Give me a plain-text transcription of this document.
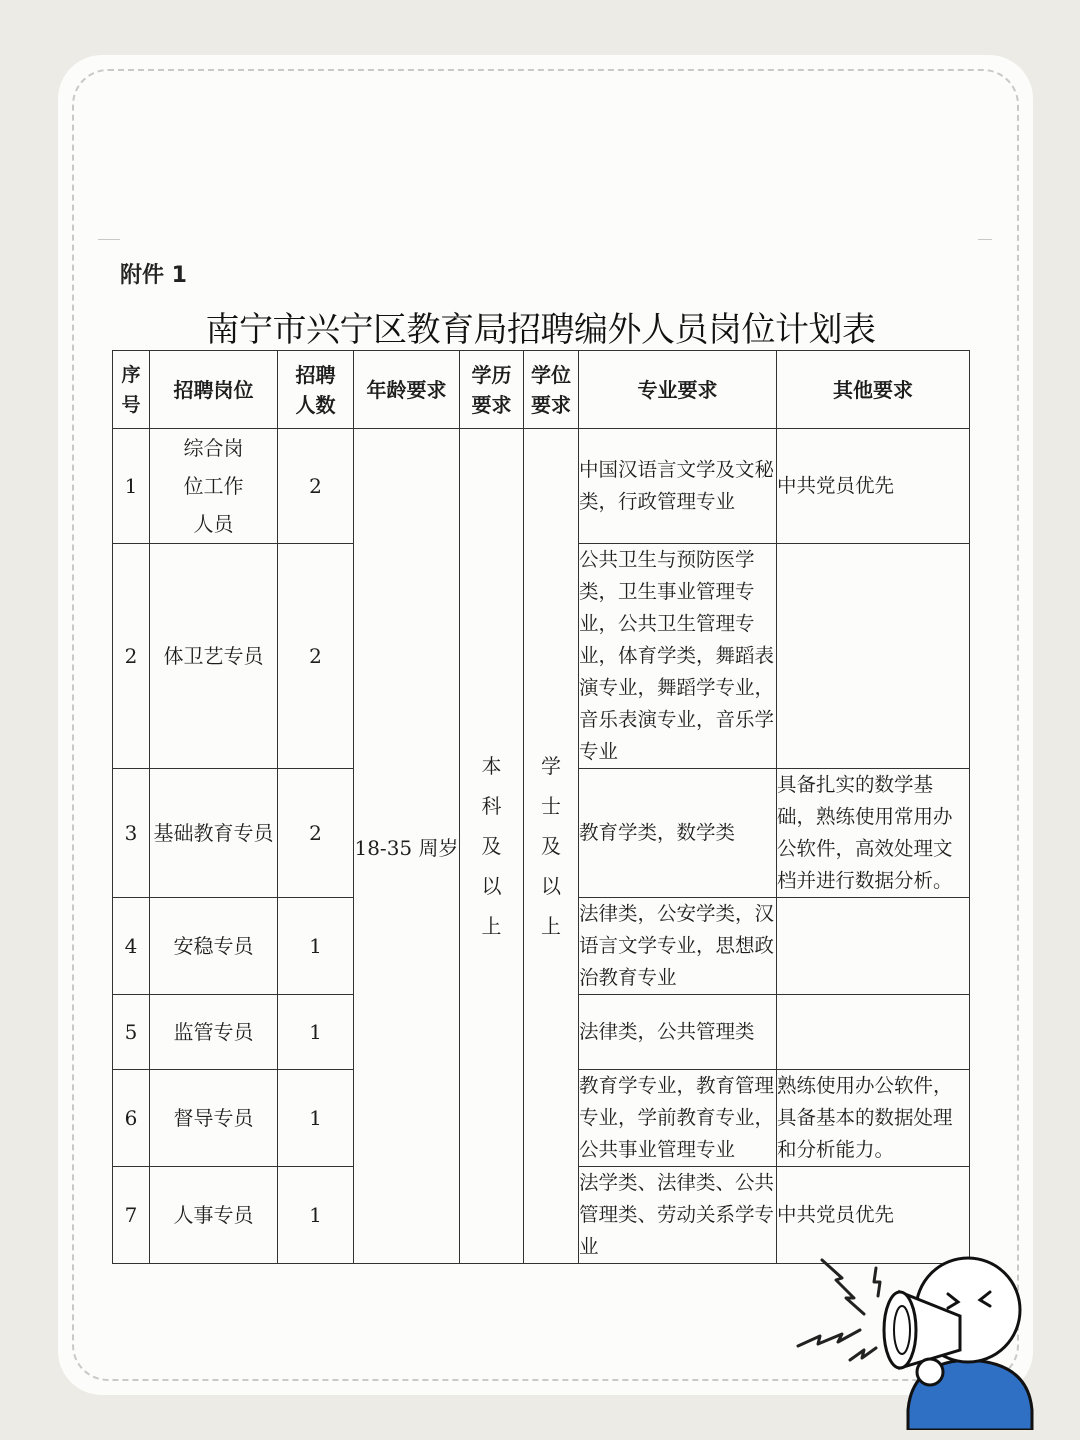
附件 1
南宁市兴宁区教育局招聘编外人员岗位计划表
序号	招聘岗位	招聘人数	年龄要求	学历要求	学位要求	专业要求	其他要求
1	综合岗位工作人员	2	18-35 周岁	本科及以上	学士及以上	中国汉语言文学及文秘类，行政管理专业	中共党员优先
2	体卫艺专员	2				公共卫生与预防医学类，卫生事业管理专业，公共卫生管理专业，体育学类，舞蹈表演专业，舞蹈学专业，音乐表演专业，音乐学专业	
3	基础教育专员	2				教育学类，数学类	具备扎实的数学基础，熟练使用常用办公软件，高效处理文档并进行数据分析。
4	安稳专员	1				法律类，公安学类，汉语言文学专业，思想政治教育专业	
5	监管专员	1				法律类，公共管理类	
6	督导专员	1				教育学专业，教育管理专业，学前教育专业，公共事业管理专业	熟练使用办公软件，具备基本的数据处理和分析能力。
7	人事专员	1				法学类、法律类、公共管理类、劳动关系学专业	中共党员优先
